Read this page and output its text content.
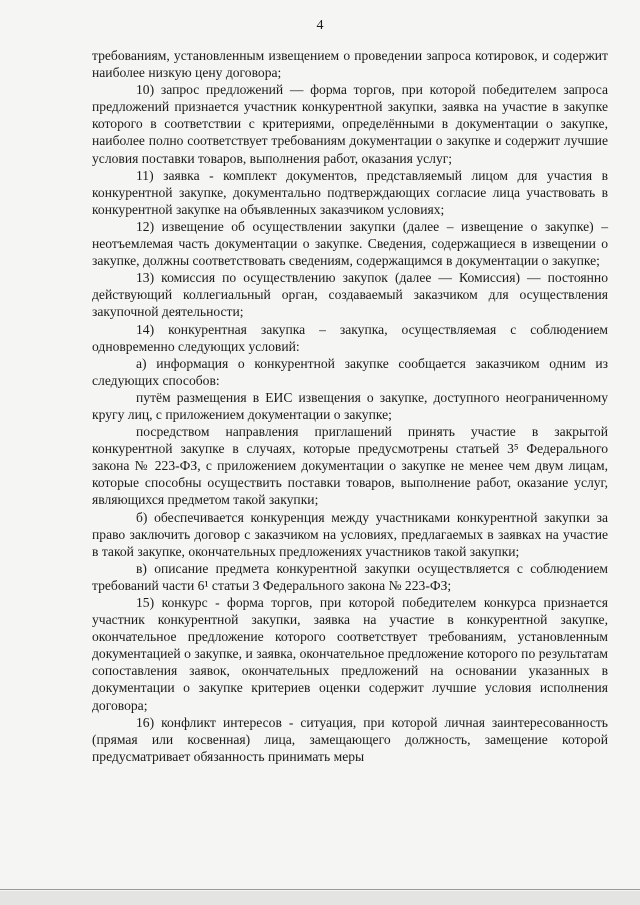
4

требованиям, установленным извещением о проведении запроса котировок, и содержит наиболее низкую цену договора;

10) запрос предложений — форма торгов, при которой победителем запроса предложений признается участник конкурентной закупки, заявка на участие в закупке которого в соответствии с критериями, определёнными в документации о закупке, наиболее полно соответствует требованиям документации о закупке и содержит лучшие условия поставки товаров, выполнения работ, оказания услуг;

11) заявка - комплект документов, представляемый лицом для участия в конкурентной закупке, документально подтверждающих согласие лица участвовать в конкурентной закупке на объявленных заказчиком условиях;

12) извещение об осуществлении закупки (далее – извещение о закупке) – неотъемлемая часть документации о закупке. Сведения, содержащиеся в извещении о закупке, должны соответствовать сведениям, содержащимся в документации о закупке;

13) комиссия по осуществлению закупок (далее — Комиссия) — постоянно действующий коллегиальный орган, создаваемый заказчиком для осуществления закупочной деятельности;

14) конкурентная закупка – закупка, осуществляемая с соблюдением одновременно следующих условий:

а) информация о конкурентной закупке сообщается заказчиком одним из следующих способов:

путём размещения в ЕИС извещения о закупке, доступного неограниченному кругу лиц, с приложением документации о закупке;

посредством направления приглашений принять участие в закрытой конкурентной закупке в случаях, которые предусмотрены статьей 3⁵ Федерального закона № 223-ФЗ, с приложением документации о закупке не менее чем двум лицам, которые способны осуществить поставки товаров, выполнение работ, оказание услуг, являющихся предметом такой закупки;

б) обеспечивается конкуренция между участниками конкурентной закупки за право заключить договор с заказчиком на условиях, предлагаемых в заявках на участие в такой закупке, окончательных предложениях участников такой закупки;

в) описание предмета конкурентной закупки осуществляется с соблюдением требований части 6¹ статьи 3 Федерального закона № 223-ФЗ;

15) конкурс - форма торгов, при которой победителем конкурса признается участник конкурентной закупки, заявка на участие в конкурентной закупке, окончательное предложение которого соответствует требованиям, установленным документацией о закупке, и заявка, окончательное предложение которого по результатам сопоставления заявок, окончательных предложений на основании указанных в документации о закупке критериев оценки содержит лучшие условия исполнения договора;

16) конфликт интересов - ситуация, при которой личная заинтересованность (прямая или косвенная) лица, замещающего должность, замещение которой предусматривает обязанность принимать меры
